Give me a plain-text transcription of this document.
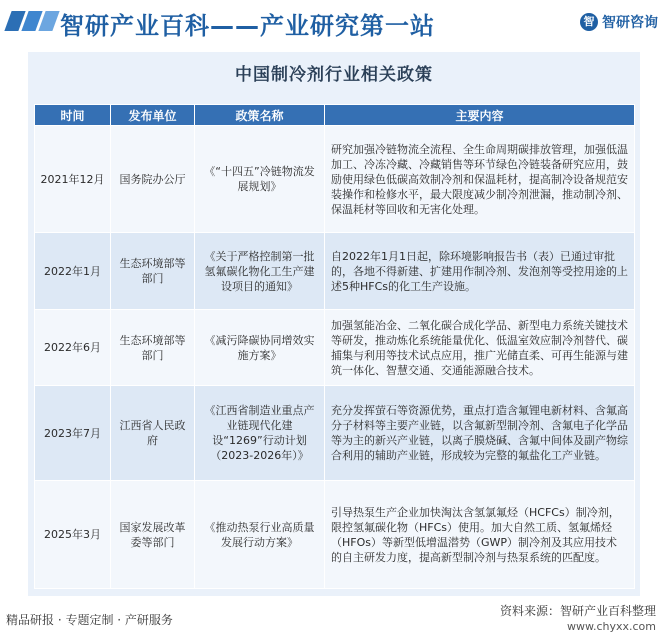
智研产业百科——产业研究第一站	智 智研咨询
中国制冷剂行业相关政策
时间	发布单位	政策名称	主要内容
2021年12月	国务院办公厅	《“十四五”冷链物流发展规划》	研究加强冷链物流全流程、全生命周期碳排放管理，加强低温加工、冷冻冷藏、冷藏销售等环节绿色冷链装备研究应用，鼓励使用绿色低碳高效制冷剂和保温耗材，提高制冷设备规范安装操作和检修水平，最大限度减少制冷剂泄漏，推动制冷剂、保温耗材等回收和无害化处理。
2022年1月	生态环境部等部门	《关于严格控制第一批氢氟碳化物化工生产建设项目的通知》	自2022年1月1日起，除环境影响报告书（表）已通过审批的，各地不得新建、扩建用作制冷剂、发泡剂等受控用途的上述5种HFCs的化工生产设施。
2022年6月	生态环境部等部门	《减污降碳协同增效实施方案》	加强氢能冶金、二氧化碳合成化学品、新型电力系统关键技术等研发，推动炼化系统能量优化、低温室效应制冷剂替代、碳捕集与利用等技术试点应用，推广光储直柔、可再生能源与建筑一体化、智慧交通、交通能源融合技术。
2023年7月	江西省人民政府	《江西省制造业重点产业链现代化建设“1269”行动计划（2023-2026年）》	充分发挥萤石等资源优势，重点打造含氟锂电新材料、含氟高分子材料等主要产业链，以含氟新型制冷剂、含氟电子化学品等为主的新兴产业链，以离子膜烧碱、含氟中间体及副产物综合利用的辅助产业链，形成较为完整的氟盐化工产业链。
2025年3月	国家发展改革委等部门	《推动热泵行业高质量发展行动方案》	引导热泵生产企业加快淘汰含氢氯氟烃（HCFCs）制冷剂，限控氢氟碳化物（HFCs）使用。加大自然工质、氢氟烯烃（HFOs）等新型低增温潜势（GWP）制冷剂及其应用技术的自主研发力度，提高新型制冷剂与热泵系统的匹配度。
精品研报 · 专题定制 · 产研服务
资料来源：智研产业百科整理
www.chyxx.com
